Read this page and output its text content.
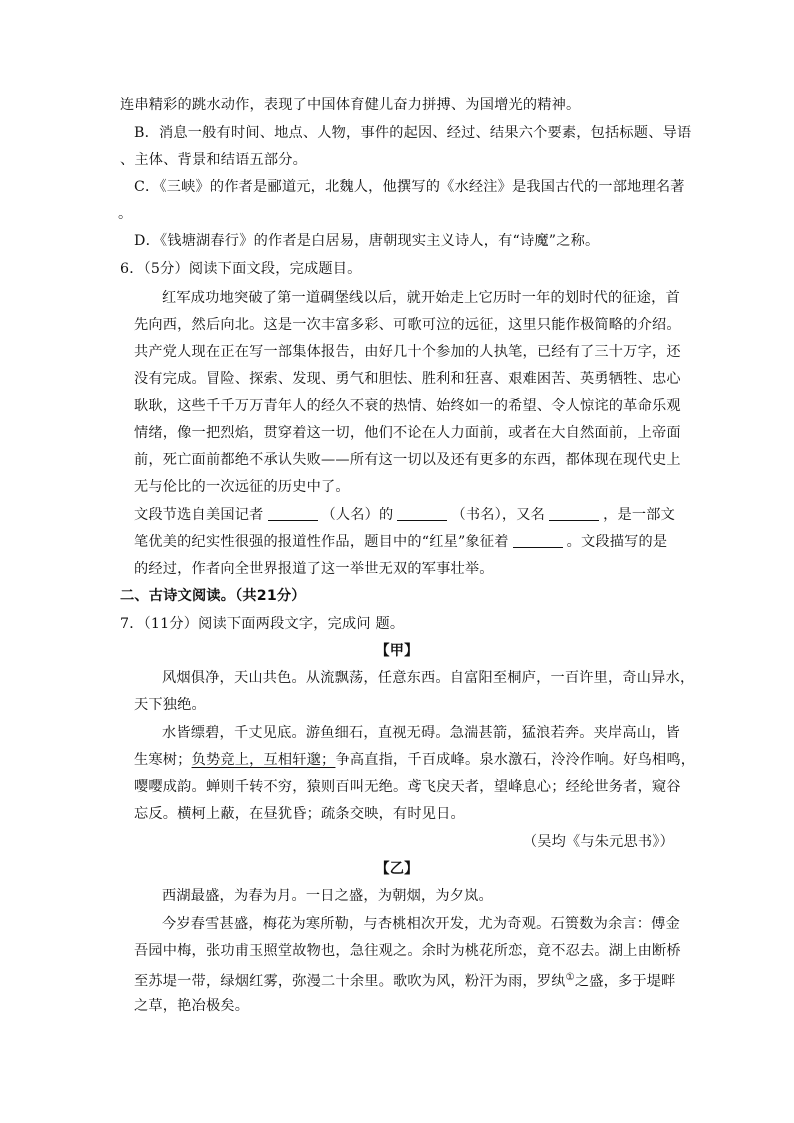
连串精彩的跳水动作，表现了中国体育健儿奋力拼搏、为国增光的精神。
B．消息一般有时间、地点、人物，事件的起因、经过、结果六个要素，包括标题、导语
、主体、背景和结语五部分。
C．《三峡》的作者是郦道元，北魏人，他撰写的《水经注》是我国古代的一部地理名著
。
D．《钱塘湖春行》的作者是白居易，唐朝现实主义诗人，有“诗魔”之称。
6．（5分）阅读下面文段，完成题目。
红军成功地突破了第一道碉堡线以后，就开始走上它历时一年的划时代的征途，首
先向西，然后向北。这是一次丰富多彩、可歌可泣的远征，这里只能作极简略的介绍。
共产党人现在正在写一部集体报告，由好几十个参加的人执笔，已经有了三十万字，还
没有完成。冒险、探索、发现、勇气和胆怯、胜利和狂喜、艰难困苦、英勇牺牲、忠心
耿耿，这些千千万万青年人的经久不衰的热情、始终如一的希望、令人惊诧的革命乐观
情绪，像一把烈焰，贯穿着这一切，他们不论在人力面前，或者在大自然面前，上帝面
前，死亡面前都绝不承认失败——所有这一切以及还有更多的东西，都体现在现代史上
无与伦比的一次远征的历史中了。
文段节选自美国记者	（人名）的	（书名），又名	，是一部文
笔优美的纪实性很强的报道性作品，题目中的“红星”象征着	。文段描写的是
的经过，作者向全世界报道了这一举世无双的军事壮举。
二、古诗文阅读。（共21分）
7．（11分）阅读下面两段文字，完成问 题。
【甲】
风烟俱净，天山共色。从流飘荡，任意东西。自富阳至桐庐，一百许里，奇山异水，
天下独绝。
水皆缥碧，千丈见底。游鱼细石，直视无碍。急湍甚箭，猛浪若奔。夹岸高山，皆
生寒树；负势竞上，互相轩邈；争高直指，千百成峰。泉水激石，泠泠作响。好鸟相鸣，
嘤嘤成韵。蝉则千转不穷，猿则百叫无绝。鸢飞戾天者，望峰息心；经纶世务者，窥谷
忘反。横柯上蔽，在昼犹昏；疏条交映，有时见日。
（吴均《与朱元思书》）
【乙】
西湖最盛，为春为月。一日之盛，为朝烟，为夕岚。
今岁春雪甚盛，梅花为寒所勒，与杏桃相次开发，尤为奇观。石篑数为余言：傅金
吾园中梅，张功甫玉照堂故物也，急往观之。余时为桃花所恋，竟不忍去。湖上由断桥
至苏堤一带，绿烟红雾，弥漫二十余里。歌吹为风，粉汗为雨，罗纨①之盛，多于堤畔
之草，艳冶极矣。
